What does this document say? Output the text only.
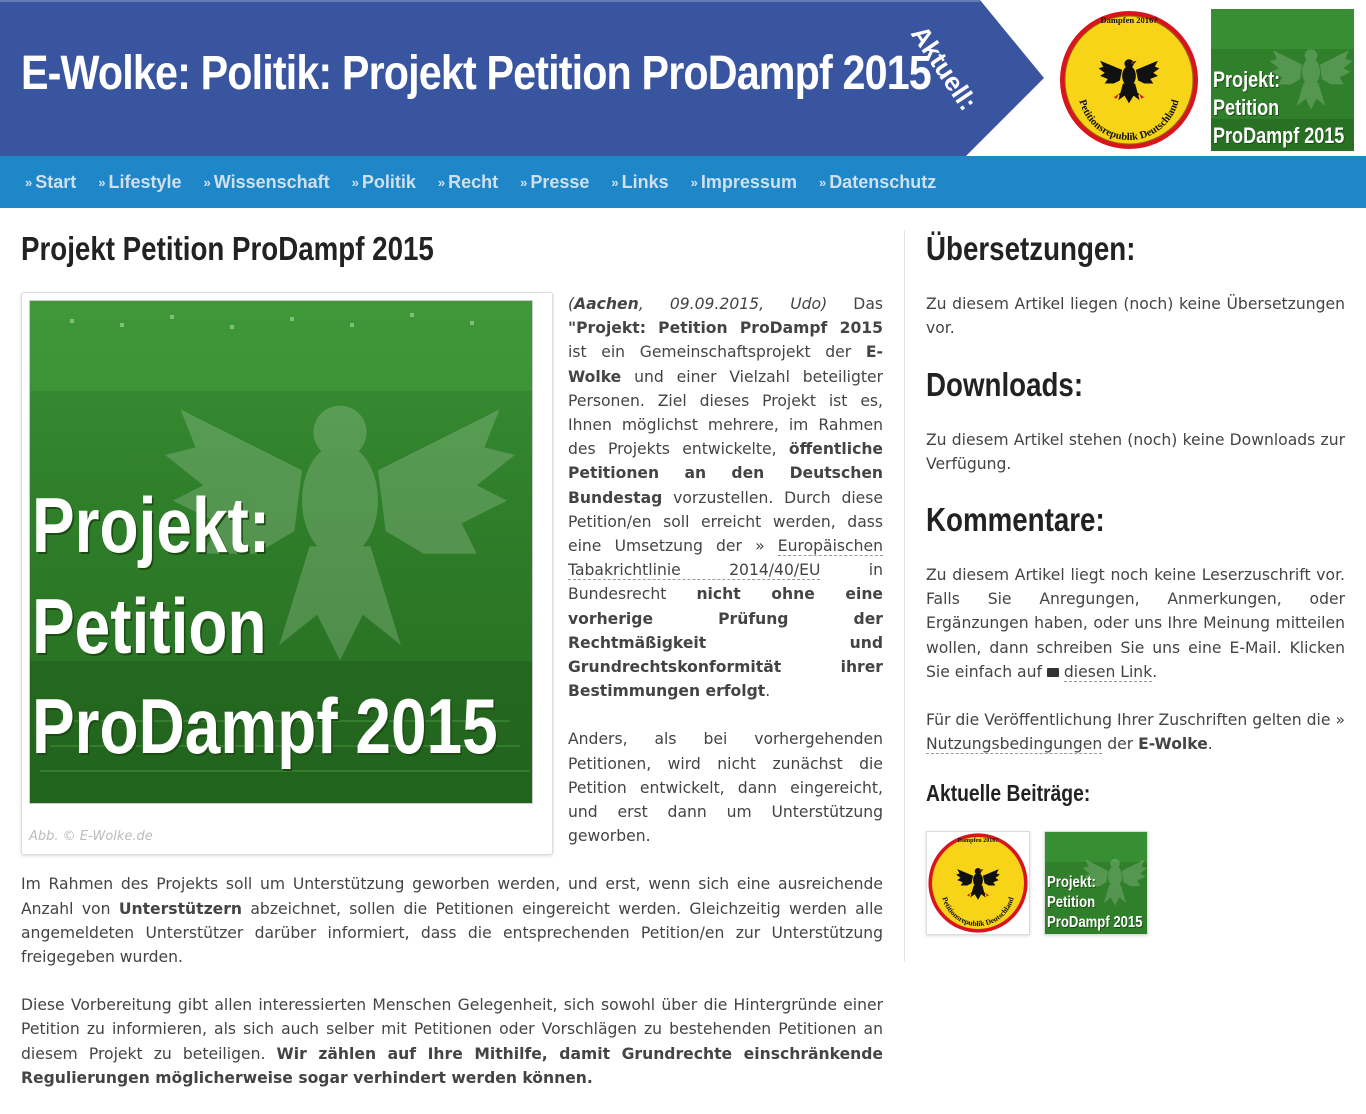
E-Wolke: Politik: Projekt Petition ProDampf 2015
Aktuell:	Dampfen 2016?
Petitionsrepublik Deutschland
Projekt:
Petition
ProDampf 2015
» Start » Lifestyle » Wissenschaft » Politik » Recht » Presse » Links » Impressum » Datenschutz
Projekt Petition ProDampf 2015
Projekt:
Petition
ProDampf 2015
Abb. © E-Wolke.de

(Aachen, 09.09.2015, Udo) Das "Projekt: Petition ProDampf 2015 ist ein Gemeinschaftsprojekt der E-Wolke und einer Vielzahl beteiligter Personen. Ziel dieses Projekt ist es, Ihnen möglichst mehrere, im Rahmen des Projekts entwickelte, öffentliche Petitionen an den Deutschen Bundestag vorzustellen. Durch diese Petition/en soll erreicht werden, dass eine Umsetzung der » Europäischen Tabakrichtlinie 2014/40/EU in Bundesrecht nicht ohne eine vorherige Prüfung der Rechtmäßigkeit und Grundrechtskonformität ihrer Bestimmungen erfolgt.

Anders, als bei vorhergehenden Petitionen, wird nicht zunächst die Petition entwickelt, dann eingereicht, und erst dann um Unterstützung geworben.

Im Rahmen des Projekts soll um Unterstützung geworben werden, und erst, wenn sich eine ausreichende Anzahl von Unterstützern abzeichnet, sollen die Petitionen eingereicht werden. Gleichzeitig werden alle angemeldeten Unterstützer darüber informiert, dass die entsprechenden Petition/en zur Unterstützung freigegeben wurden.

Diese Vorbereitung gibt allen interessierten Menschen Gelegenheit, sich sowohl über die Hintergründe einer Petition zu informieren, als sich auch selber mit Petitionen oder Vorschlägen zu bestehenden Petitionen an diesem Projekt zu beteiligen. Wir zählen auf Ihre Mithilfe, damit Grundrechte einschränkende Regulierungen möglicherweise sogar verhindert werden können.

Übersetzungen:

Zu diesem Artikel liegen (noch) keine Übersetzungen vor.

Downloads:

Zu diesem Artikel stehen (noch) keine Downloads zur Verfügung.

Kommentare:

Zu diesem Artikel liegt noch keine Leserzuschrift vor. Falls Sie Anregungen, Anmerkungen, oder Ergänzungen haben, oder uns Ihre Meinung mitteilen wollen, dann schreiben Sie uns eine E-Mail. Klicken Sie einfach auf  diesen Link.

Für die Veröffentlichung Ihrer Zuschriften gelten die » Nutzungsbedingungen der E-Wolke.

Aktuelle Beiträge:
Dampfen 2016?
Petitionsrepublik Deutschland
Projekt:
Petition
ProDampf 2015
